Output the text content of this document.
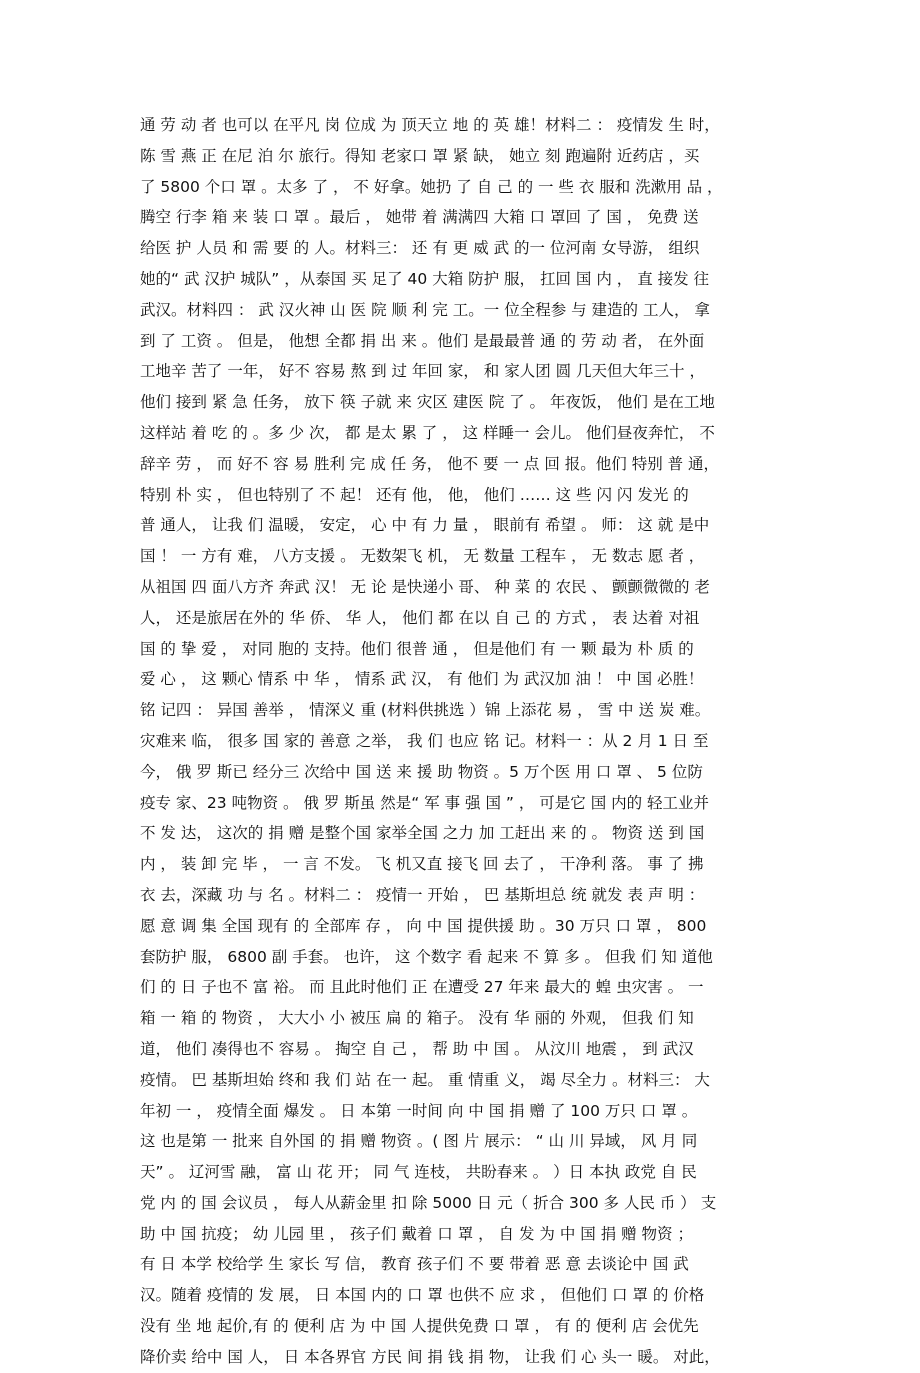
通 劳 动 者 也可以 在平凡 岗 位成 为 顶天立 地 的 英 雄！材料二 ： 疫情发 生 时，
陈 雪 燕 正 在尼 泊 尔 旅行。得知 老家口 罩 紧 缺， 她立 刻 跑遍附 近药店 ，买
了 5800 个口 罩 。太多 了 ， 不 好拿。她扔 了 自 己 的 一 些 衣 服和 洗漱用 品 ，
腾空 行李 箱 来 装 口 罩 。最后 ， 她带 着 满满四 大箱 口 罩回 了 国 ， 免费 送
给医 护 人员 和 需 要 的 人。材料三： 还 有 更 威 武 的一 位河南 女导游， 组织
她的“ 武 汉护 城队” ，从泰国 买 足了 40 大箱 防护 服， 扛回 国 内 ， 直 接发 往
武汉。材料四 ： 武 汉火神 山 医 院 顺 利 完 工。一 位全程参 与 建造的 工人， 拿
到 了 工资 。 但是， 他想 全都 捐 出 来 。他们 是最最普 通 的 劳 动 者， 在外面
工地辛 苦了 一年， 好不 容易 熬 到 过 年回 家， 和 家人团 圆 几天但大年三十 ，
他们 接到 紧 急 任务， 放下 筷 子就 来 灾区 建医 院 了 。 年夜饭， 他们 是在工地
这样站 着 吃 的 。多 少 次， 都 是太 累 了 ， 这 样睡一 会儿。 他们昼夜奔忙， 不
辞辛 劳 ， 而 好不 容 易 胜利 完 成 任 务， 他不 要 一 点 回 报。他们 特别 普 通，
特别 朴 实 ， 但也特别了 不 起！ 还有 他， 他， 他们 …… 这 些 闪 闪 发光 的
普 通人， 让我 们 温暖， 安定， 心 中 有 力 量 ， 眼前有 希望 。 师： 这 就 是中
国 ！ 一 方有 难， 八方支援 。 无数架飞 机， 无 数量 工程车 ， 无 数志 愿 者 ，
从祖国 四 面八方齐 奔武 汉！ 无 论 是快递小 哥、 种 菜 的 农民 、 颤颤微微的 老
人， 还是旅居在外的 华 侨、 华 人， 他们 都 在以 自 己 的 方式 ， 表 达着 对祖
国 的 挚 爱 ， 对同 胞的 支持。他们 很普 通 ， 但是他们 有 一 颗 最为 朴 质 的
爱 心 ， 这 颗心 情系 中 华 ， 情系 武 汉， 有 他们 为 武汉加 油 ！ 中 国 必胜！
铭 记四 ： 异国 善举 ， 情深义 重 (材料供挑选 ）锦 上添花 易 ， 雪 中 送 炭 难。
灾难来 临， 很多 国 家的 善意 之举， 我 们 也应 铭 记。材料一 ：从 2 月 1 日 至
今， 俄 罗 斯已 经分三 次给中 国 送 来 援 助 物资 。5 万个医 用 口 罩 、 5 位防
疫专 家、23 吨物资 。 俄 罗 斯虽 然是“ 军 事 强 国 ” ， 可是它 国 内的 轻工业并
不 发 达， 这次的 捐 赠 是整个国 家举全国 之力 加 工赶出 来 的 。 物资 送 到 国
内 ， 装 卸 完 毕 ， 一 言 不发。 飞 机又直 接飞 回 去了 ， 干净利 落。 事 了 拂
衣 去，深藏 功 与 名 。材料二 ： 疫情一 开始 ， 巴 基斯坦总 统 就发 表 声 明 ：
愿 意 调 集 全国 现有 的 全部库 存 ， 向 中 国 提供援 助 。30 万只 口 罩 ， 800
套防护 服， 6800 副 手套。 也许， 这 个数字 看 起来 不 算 多 。 但我 们 知 道他
们 的 日 子也不 富 裕。 而 且此时他们 正 在遭受 27 年来 最大的 蝗 虫灾害 。 一
箱 一 箱 的 物资 ， 大大小 小 被压 扁 的 箱子。 没有 华 丽的 外观， 但我 们 知
道， 他们 凑得也不 容易 。 掏空 自 己 ， 帮 助 中 国 。 从汶川 地震 ， 到 武汉
疫情。 巴 基斯坦始 终和 我 们 站 在一 起。 重 情重 义， 竭 尽全力 。材料三： 大
年初 一 ， 疫情全面 爆发 。 日 本第 一时间 向 中 国 捐 赠 了 100 万只 口 罩 。
这 也是第 一 批来 自外国 的 捐 赠 物资 。( 图 片 展示： “ 山 川 异域， 风 月 同
天” 。 辽河雪 融， 富 山 花 开； 同 气 连枝， 共盼春来 。 ）日 本执 政党 自 民
党 内 的 国 会议员 ， 每人从薪金里 扣 除 5000 日 元（ 折合 300 多 人民 币 ） 支
助 中 国 抗疫； 幼 儿园 里 ， 孩子们 戴着 口 罩 ， 自 发 为 中 国 捐 赠 物资 ；
有 日 本学 校给学 生 家长 写 信， 教育 孩子们 不 要 带着 恶 意 去谈论中 国 武
汉。随着 疫情的 发 展， 日 本国 内的 口 罩 也供不 应 求 ， 但他们 口 罩 的 价格
没有 坐 地 起价,有 的 便利 店 为 中 国 人提供免费 口 罩 ， 有 的 便利 店 会优先
降价卖 给中 国 人， 日 本各界官 方民 间 捐 钱 捐 物， 让我 们 心 头一 暖。 对此，
